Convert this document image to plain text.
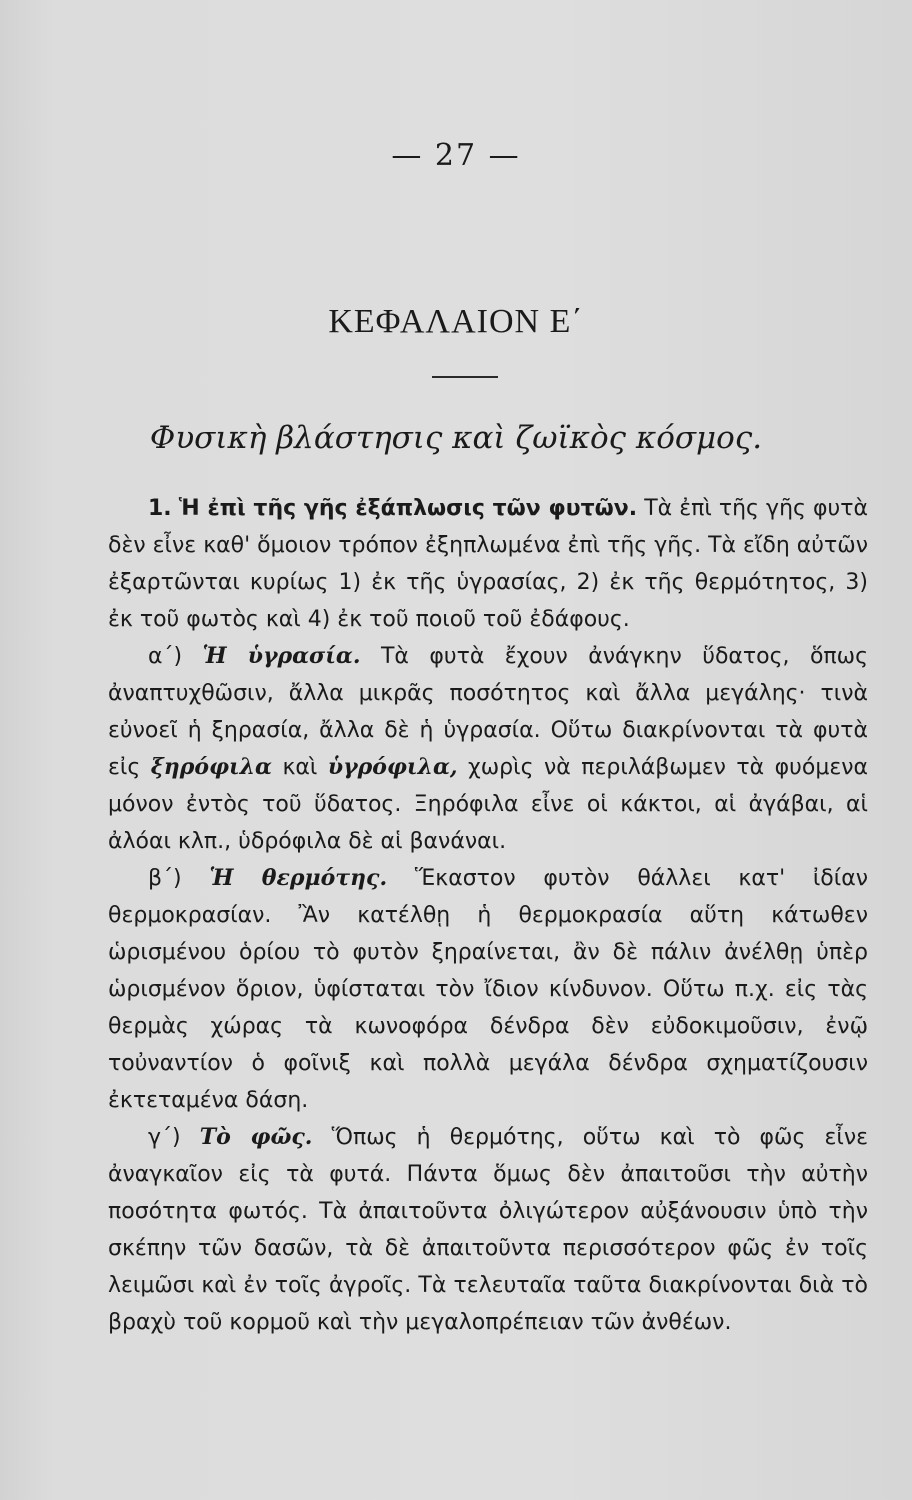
— 27 —
ΚΕΦΑΛΑΙΟΝ Ε΄
Φυσικὴ βλάστησις καὶ ζωϊκὸς κόσμος.

1. Ἡ ἐπὶ τῆς γῆς ἐξάπλωσις τῶν φυτῶν. Τὰ ἐπὶ τῆς γῆς φυτὰ δὲν εἶνε καθ' ὅμοιον τρόπον ἐξηπλωμένα ἐπὶ τῆς γῆς. Τὰ εἴδη αὐτῶν ἐξαρτῶνται κυρίως 1) ἐκ τῆς ὑγρασίας, 2) ἐκ τῆς θερμότητος, 3) ἐκ τοῦ φωτὸς καὶ 4) ἐκ τοῦ ποιοῦ τοῦ ἐδάφους.

α΄) Ἡ ὑγρασία. Τὰ φυτὰ ἔχουν ἀνάγκην ὕδατος, ὅπως ἀναπτυχθῶσιν, ἄλλα μικρᾶς ποσότητος καὶ ἄλλα μεγάλης· τινὰ εὐνοεῖ ἡ ξηρασία, ἄλλα δὲ ἡ ὑγρασία. Οὕτω διακρίνονται τὰ φυτὰ εἰς ξηρόφιλα καὶ ὑγρόφιλα, χωρὶς νὰ περιλάβωμεν τὰ φυόμενα μόνον ἐντὸς τοῦ ὕδατος. Ξηρόφιλα εἶνε οἱ κάκτοι, αἱ ἀγάβαι, αἱ ἀλόαι κλπ., ὑδρόφιλα δὲ αἱ βανάναι.

β΄) Ἡ θερμότης. Ἕκαστον φυτὸν θάλλει κατ' ἰδίαν θερμοκρασίαν. Ἂν κατέλθῃ ἡ θερμοκρασία αὕτη κάτωθεν ὡρισμένου ὁρίου τὸ φυτὸν ξηραίνεται, ἂν δὲ πάλιν ἀνέλθῃ ὑπὲρ ὡρισμένον ὅριον, ὑφίσταται τὸν ἴδιον κίνδυνον. Οὕτω π.χ. εἰς τὰς θερμὰς χώρας τὰ κωνοφόρα δένδρα δὲν εὐδοκιμοῦσιν, ἐνῷ τοὐναντίον ὁ φοῖνιξ καὶ πολλὰ μεγάλα δένδρα σχηματίζουσιν ἐκτεταμένα δάση.

γ΄) Τὸ φῶς. Ὅπως ἡ θερμότης, οὕτω καὶ τὸ φῶς εἶνε ἀναγκαῖον εἰς τὰ φυτά. Πάντα ὅμως δὲν ἀπαιτοῦσι τὴν αὐτὴν ποσότητα φωτός. Τὰ ἀπαιτοῦντα ὀλιγώτερον αὐξάνουσιν ὑπὸ τὴν σκέπην τῶν δασῶν, τὰ δὲ ἀπαιτοῦντα περισσότερον φῶς ἐν τοῖς λειμῶσι καὶ ἐν τοῖς ἀγροῖς. Τὰ τελευταῖα ταῦτα διακρίνονται διὰ τὸ βραχὺ τοῦ κορμοῦ καὶ τὴν μεγαλοπρέπειαν τῶν ἀνθέων.
